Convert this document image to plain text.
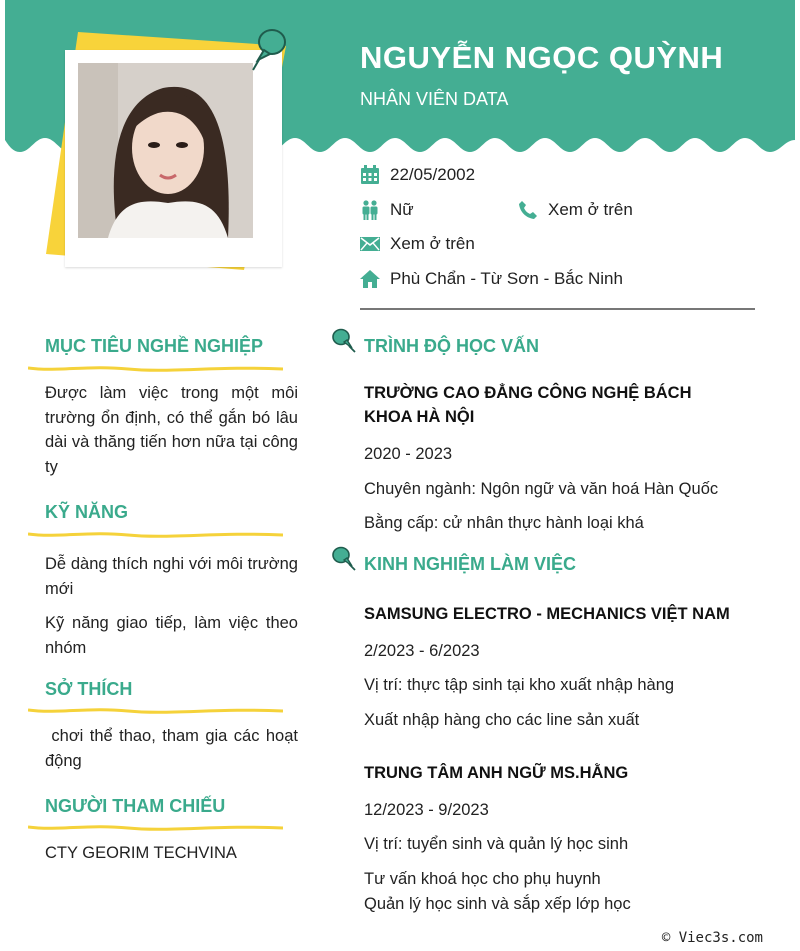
NGUYỄN NGỌC QUỲNH
NHÂN VIÊN DATA
22/05/2002
Nữ	Xem ở trên
Xem ở trên
Phù Chẩn - Từ Sơn - Bắc Ninh
MỤC TIÊU NGHỀ NGHIỆP
Được làm việc trong một môi trường ổn định, có thể gắn bó lâu dài và thăng tiến hơn nữa tại công ty
KỸ NĂNG
Dễ dàng thích nghi với môi trường mới
Kỹ năng giao tiếp, làm việc theo nhóm
SỞ THÍCH
chơi thể thao, tham gia các hoạt động
NGƯỜI THAM CHIẾU
CTY GEORIM TECHVINA
TRÌNH ĐỘ HỌC VẤN
TRƯỜNG CAO ĐẲNG CÔNG NGHỆ BÁCH KHOA HÀ NỘI
2020 - 2023
Chuyên ngành: Ngôn ngữ và văn hoá Hàn Quốc
Bằng cấp: cử nhân thực hành loại khá
KINH NGHIỆM LÀM VIỆC
SAMSUNG ELECTRO - MECHANICS VIỆT NAM
2/2023 - 6/2023
Vị trí: thực tập sinh tại kho xuất nhập hàng
Xuất nhập hàng cho các line sản xuất
TRUNG TÂM ANH NGỮ MS.HẰNG
12/2023 - 9/2023
Vị trí: tuyển sinh và quản lý học sinh
Tư vấn khoá học cho phụ huynh
Quản lý học sinh và sắp xếp lớp học
© Viec3s.com
